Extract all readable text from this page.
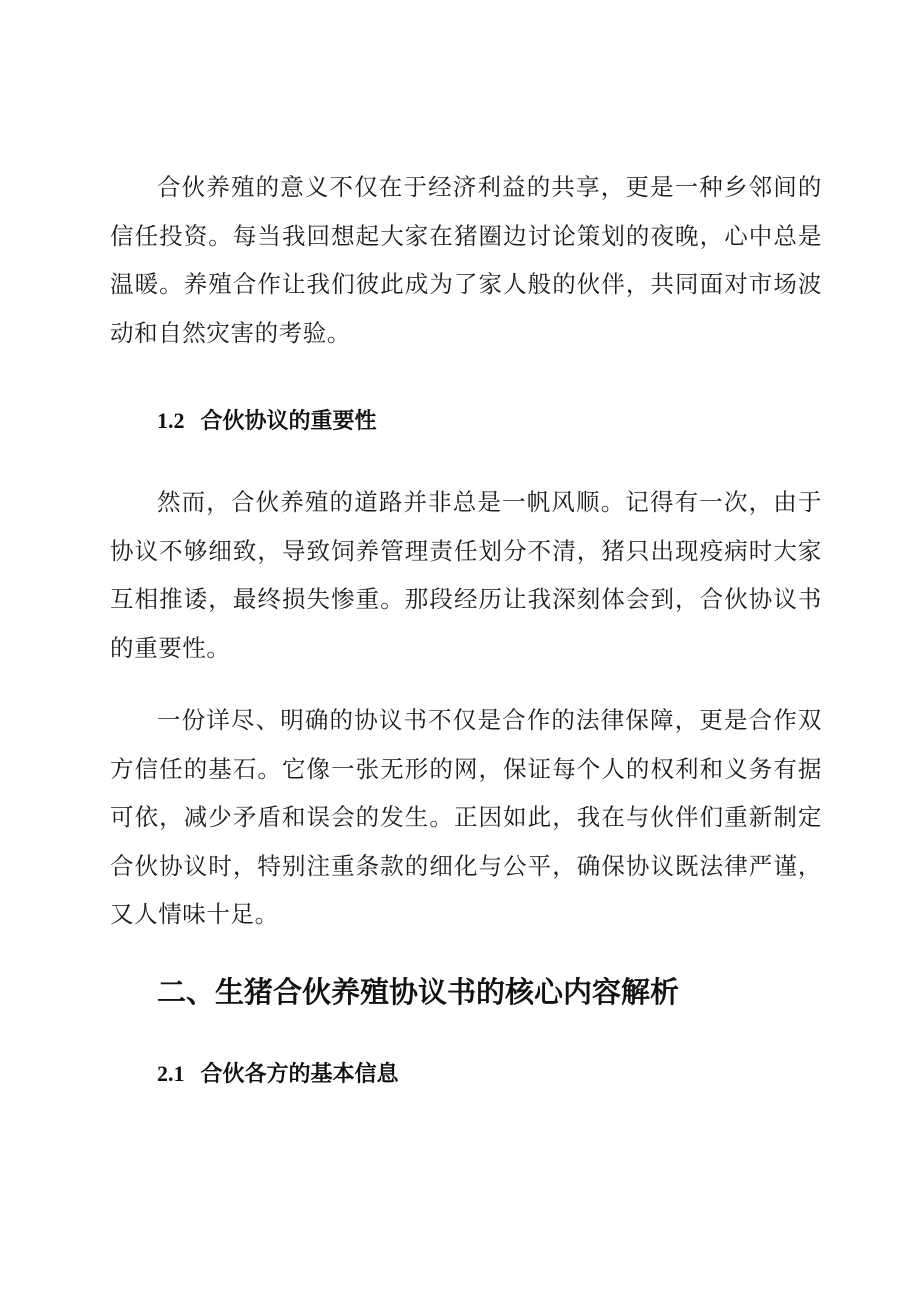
合伙养殖的意义不仅在于经济利益的共享，更是一种乡邻间的信任投资。每当我回想起大家在猪圈边讨论策划的夜晚，心中总是温暖。养殖合作让我们彼此成为了家人般的伙伴，共同面对市场波动和自然灾害的考验。

1.2 合伙协议的重要性

然而，合伙养殖的道路并非总是一帆风顺。记得有一次，由于协议不够细致，导致饲养管理责任划分不清，猪只出现疫病时大家互相推诿，最终损失惨重。那段经历让我深刻体会到，合伙协议书的重要性。

一份详尽、明确的协议书不仅是合作的法律保障，更是合作双方信任的基石。它像一张无形的网，保证每个人的权利和义务有据可依，减少矛盾和误会的发生。正因如此，我在与伙伴们重新制定合伙协议时，特别注重条款的细化与公平，确保协议既法律严谨，又人情味十足。

二、生猪合伙养殖协议书的核心内容解析
2.1 合伙各方的基本信息
